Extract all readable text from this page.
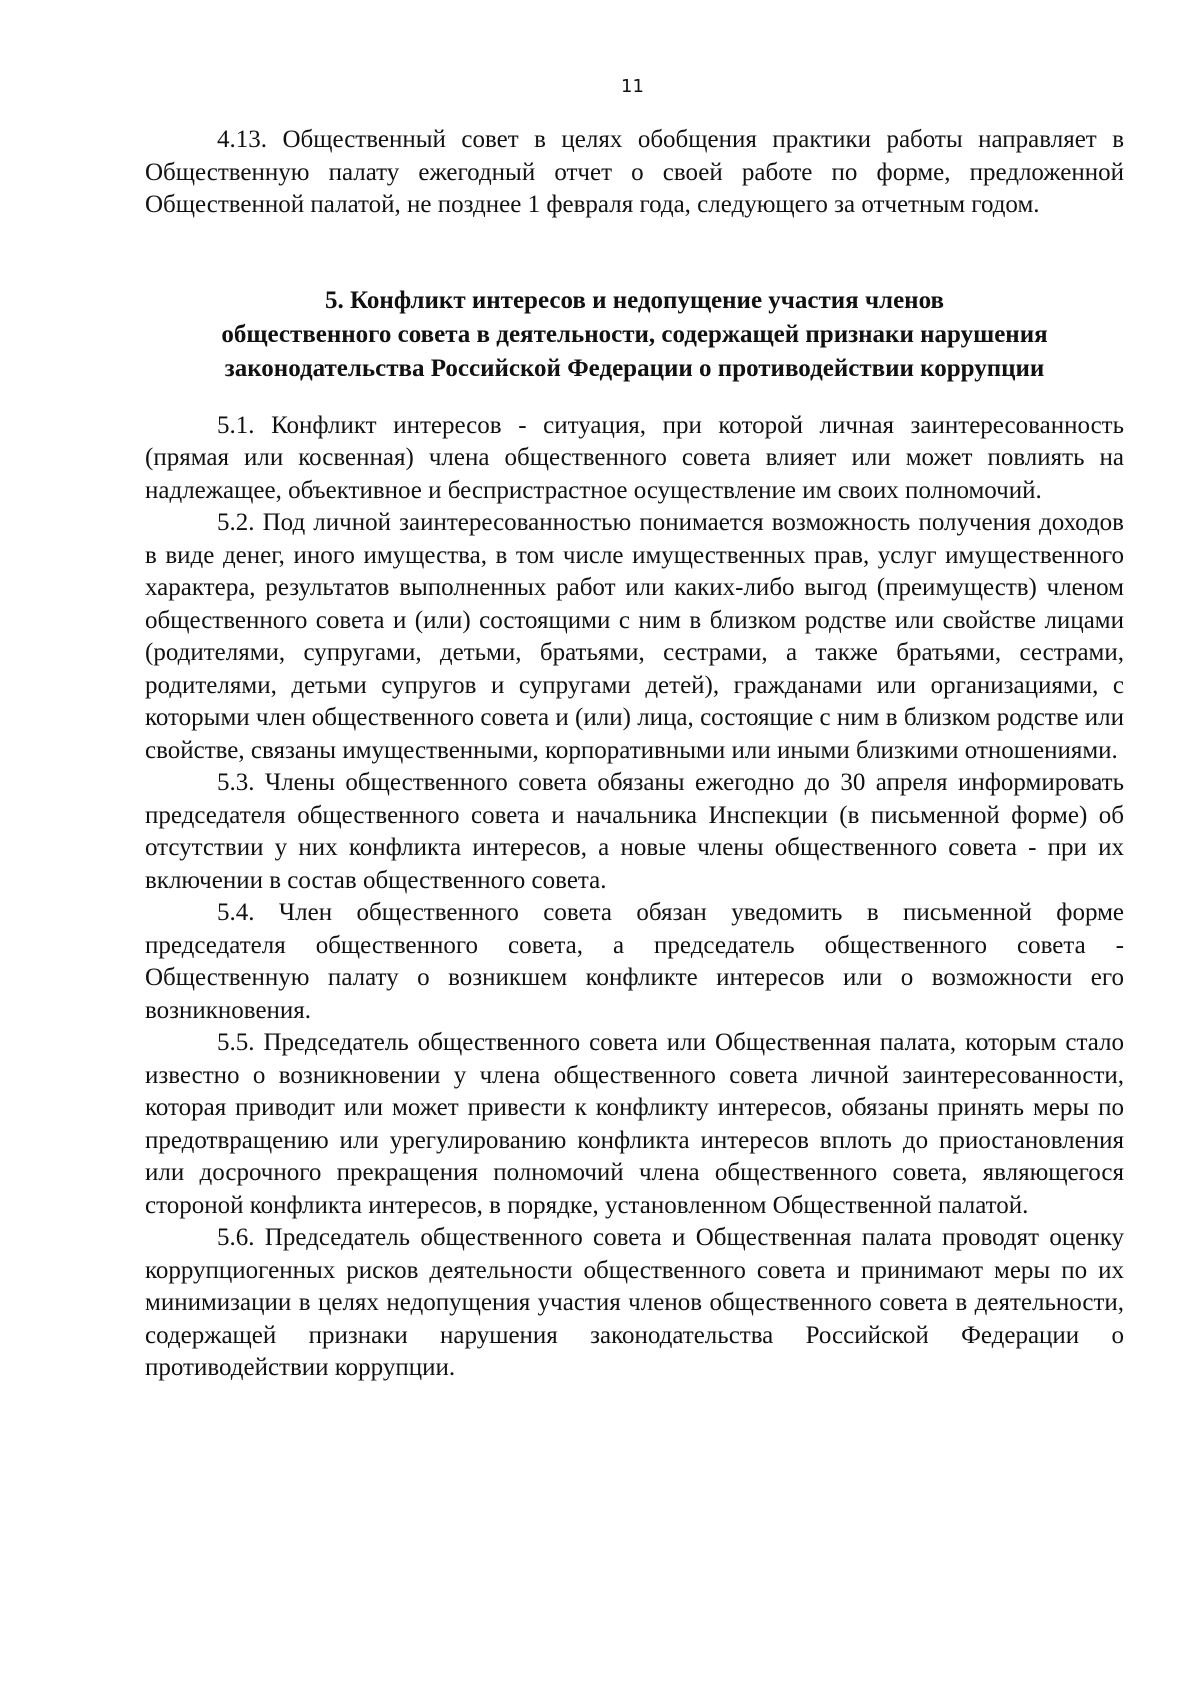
11

4.13. Общественный совет в целях обобщения практики работы направляет в Общественную палату ежегодный отчет о своей работе по форме, предложенной Общественной палатой, не позднее 1 февраля года, следующего за отчетным годом.

5. Конфликт интересов и недопущение участия членов
общественного совета в деятельности, содержащей признаки нарушения
законодательства Российской Федерации о противодействии коррупции

5.1. Конфликт интересов - ситуация, при которой личная заинтересованность (прямая или косвенная) члена общественного совета влияет или может повлиять на надлежащее, объективное и беспристрастное осуществление им своих полномочий.

5.2. Под личной заинтересованностью понимается возможность получения доходов в виде денег, иного имущества, в том числе имущественных прав, услуг имущественного характера, результатов выполненных работ или каких-либо выгод (преимуществ) членом общественного совета и (или) состоящими с ним в близком родстве или свойстве лицами (родителями, супругами, детьми, братьями, сестрами, а также братьями, сестрами, родителями, детьми супругов и супругами детей), гражданами или организациями, с которыми член общественного совета и (или) лица, состоящие с ним в близком родстве или свойстве, связаны имущественными, корпоративными или иными близкими отношениями.

5.3. Члены общественного совета обязаны ежегодно до 30 апреля информировать председателя общественного совета и начальника Инспекции (в письменной форме) об отсутствии у них конфликта интересов, а новые члены общественного совета - при их включении в состав общественного совета.

5.4. Член общественного совета обязан уведомить в письменной форме председателя общественного совета, а председатель общественного совета - Общественную палату о возникшем конфликте интересов или о возможности его возникновения.

5.5. Председатель общественного совета или Общественная палата, которым стало известно о возникновении у члена общественного совета личной заинтересованности, которая приводит или может привести к конфликту интересов, обязаны принять меры по предотвращению или урегулированию конфликта интересов вплоть до приостановления или досрочного прекращения полномочий члена общественного совета, являющегося стороной конфликта интересов, в порядке, установленном Общественной палатой.

5.6. Председатель общественного совета и Общественная палата проводят оценку коррупциогенных рисков деятельности общественного совета и принимают меры по их минимизации в целях недопущения участия членов общественного совета в деятельности, содержащей признаки нарушения законодательства Российской Федерации о противодействии коррупции.
